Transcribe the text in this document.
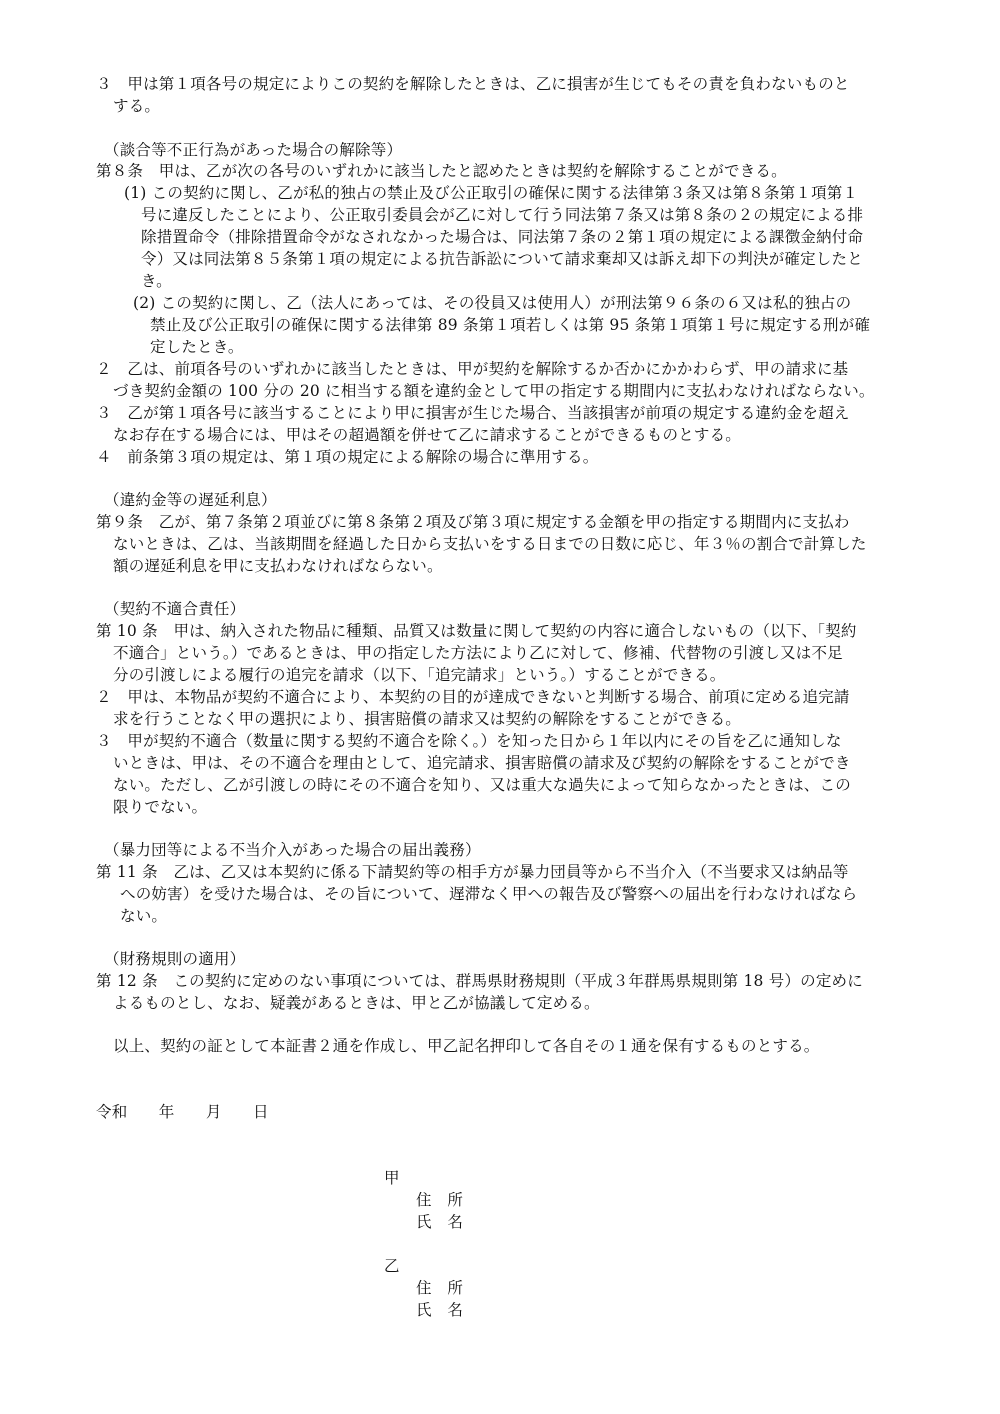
３　甲は第１項各号の規定によりこの契約を解除したときは、乙に損害が生じてもその責を負わないものと
する。
（談合等不正行為があった場合の解除等）
第８条　甲は、乙が次の各号のいずれかに該当したと認めたときは契約を解除することができる。
(1) この契約に関し、乙が私的独占の禁止及び公正取引の確保に関する法律第３条又は第８条第１項第１
号に違反したことにより、公正取引委員会が乙に対して行う同法第７条又は第８条の２の規定による排
除措置命令（排除措置命令がなされなかった場合は、同法第７条の２第１項の規定による課徴金納付命
令）又は同法第８５条第１項の規定による抗告訴訟について請求棄却又は訴え却下の判決が確定したと
き。
(2) この契約に関し、乙（法人にあっては、その役員又は使用人）が刑法第９６条の６又は私的独占の
禁止及び公正取引の確保に関する法律第 89 条第１項若しくは第 95 条第１項第１号に規定する刑が確
定したとき。
２　乙は、前項各号のいずれかに該当したときは、甲が契約を解除するか否かにかかわらず、甲の請求に基
づき契約金額の 100 分の 20 に相当する額を違約金として甲の指定する期間内に支払わなければならない。
３　乙が第１項各号に該当することにより甲に損害が生じた場合、当該損害が前項の規定する違約金を超え
なお存在する場合には、甲はその超過額を併せて乙に請求することができるものとする。
４　前条第３項の規定は、第１項の規定による解除の場合に準用する。
（違約金等の遅延利息）
第９条　乙が、第７条第２項並びに第８条第２項及び第３項に規定する金額を甲の指定する期間内に支払わ
ないときは、乙は、当該期間を経過した日から支払いをする日までの日数に応じ、年３％の割合で計算した
額の遅延利息を甲に支払わなければならない。
（契約不適合責任）
第 10 条　甲は、納入された物品に種類、品質又は数量に関して契約の内容に適合しないもの（以下、「契約
不適合」という。）であるときは、甲の指定した方法により乙に対して、修補、代替物の引渡し又は不足
分の引渡しによる履行の追完を請求（以下、「追完請求」という。）することができる。
２　甲は、本物品が契約不適合により、本契約の目的が達成できないと判断する場合、前項に定める追完請
求を行うことなく甲の選択により、損害賠償の請求又は契約の解除をすることができる。
３　甲が契約不適合（数量に関する契約不適合を除く。）を知った日から１年以内にその旨を乙に通知しな
いときは、甲は、その不適合を理由として、追完請求、損害賠償の請求及び契約の解除をすることができ
ない。ただし、乙が引渡しの時にその不適合を知り、又は重大な過失によって知らなかったときは、この
限りでない。
（暴力団等による不当介入があった場合の届出義務）
第 11 条　乙は、乙又は本契約に係る下請契約等の相手方が暴力団員等から不当介入（不当要求又は納品等
への妨害）を受けた場合は、その旨について、遅滞なく甲への報告及び警察への届出を行わなければなら
ない。
（財務規則の適用）
第 12 条　この契約に定めのない事項については、群馬県財務規則（平成３年群馬県規則第 18 号）の定めに
よるものとし、なお、疑義があるときは、甲と乙が協議して定める。
以上、契約の証として本証書２通を作成し、甲乙記名押印して各自その１通を保有するものとする。
令和　　年　　月　　日
甲
住　所
氏　名
乙
住　所
氏　名
